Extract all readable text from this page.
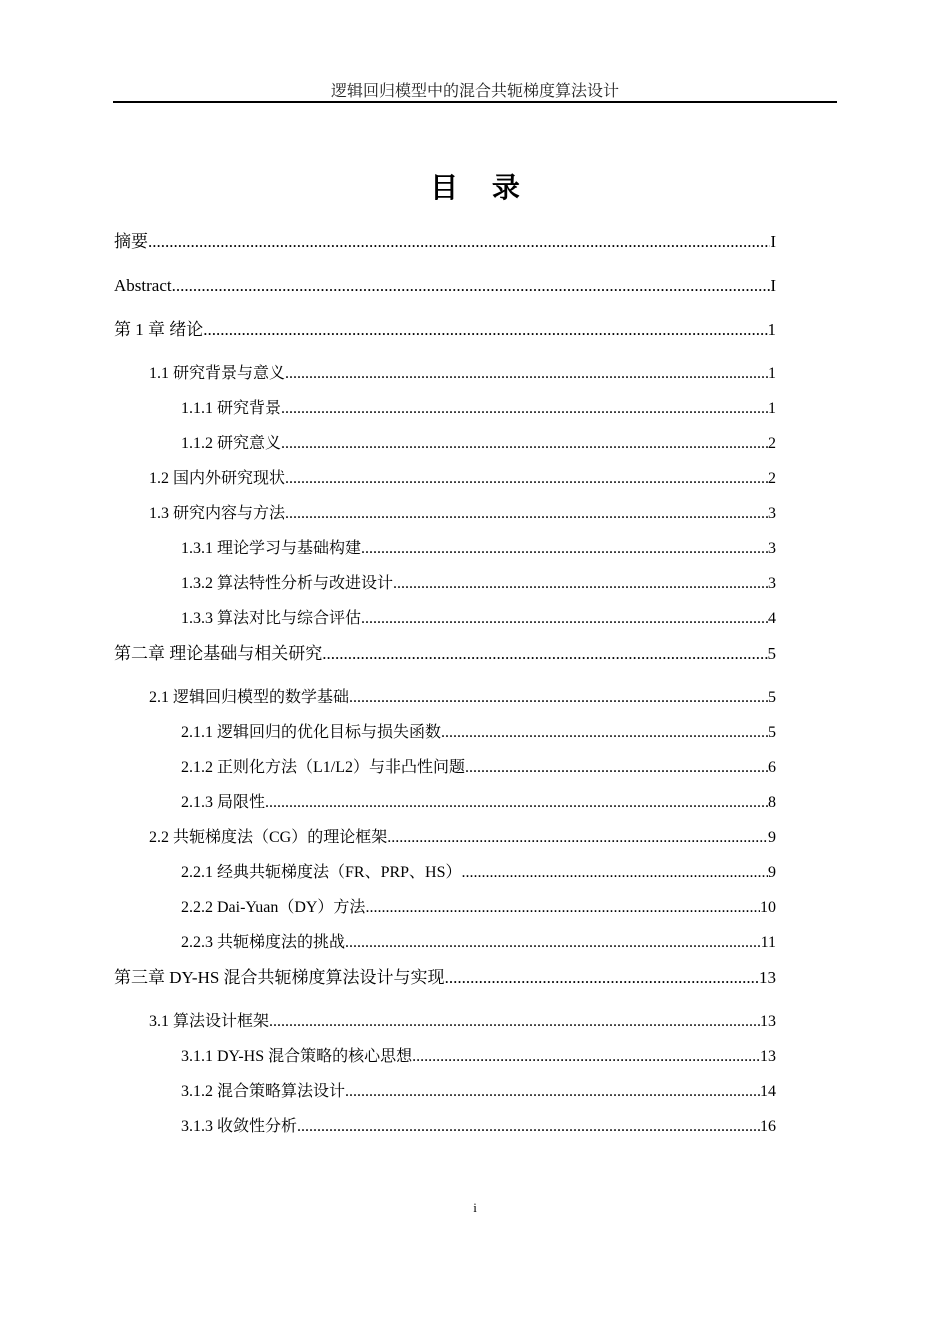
逻辑回归模型中的混合共轭梯度算法设计
目 录
摘要 .....	I
Abstract .....	I
第 1 章 绪论 .....	1
1.1 研究背景与意义 .....	1
1.1.1 研究背景 .....	1
1.1.2 研究意义 .....	2
1.2 国内外研究现状 .....	2
1.3 研究内容与方法 .....	3
1.3.1 理论学习与基础构建 .....	3
1.3.2 算法特性分析与改进设计 .....	3
1.3.3 算法对比与综合评估 .....	4
第二章 理论基础与相关研究 .....	5
2.1 逻辑回归模型的数学基础 .....	5
2.1.1 逻辑回归的优化目标与损失函数 .....	5
2.1.2 正则化方法（L1/L2）与非凸性问题 .....	6
2.1.3 局限性 .....	8
2.2 共轭梯度法（CG）的理论框架 .....	9
2.2.1 经典共轭梯度法（FR、PRP、HS） .....	9
2.2.2 Dai-Yuan（DY）方法 .....	10
2.2.3 共轭梯度法的挑战 .....	11
第三章 DY-HS 混合共轭梯度算法设计与实现 .....	13
3.1 算法设计框架 .....	13
3.1.1 DY-HS 混合策略的核心思想 .....	13
3.1.2 混合策略算法设计 .....	14
3.1.3 收敛性分析 .....	16
i
